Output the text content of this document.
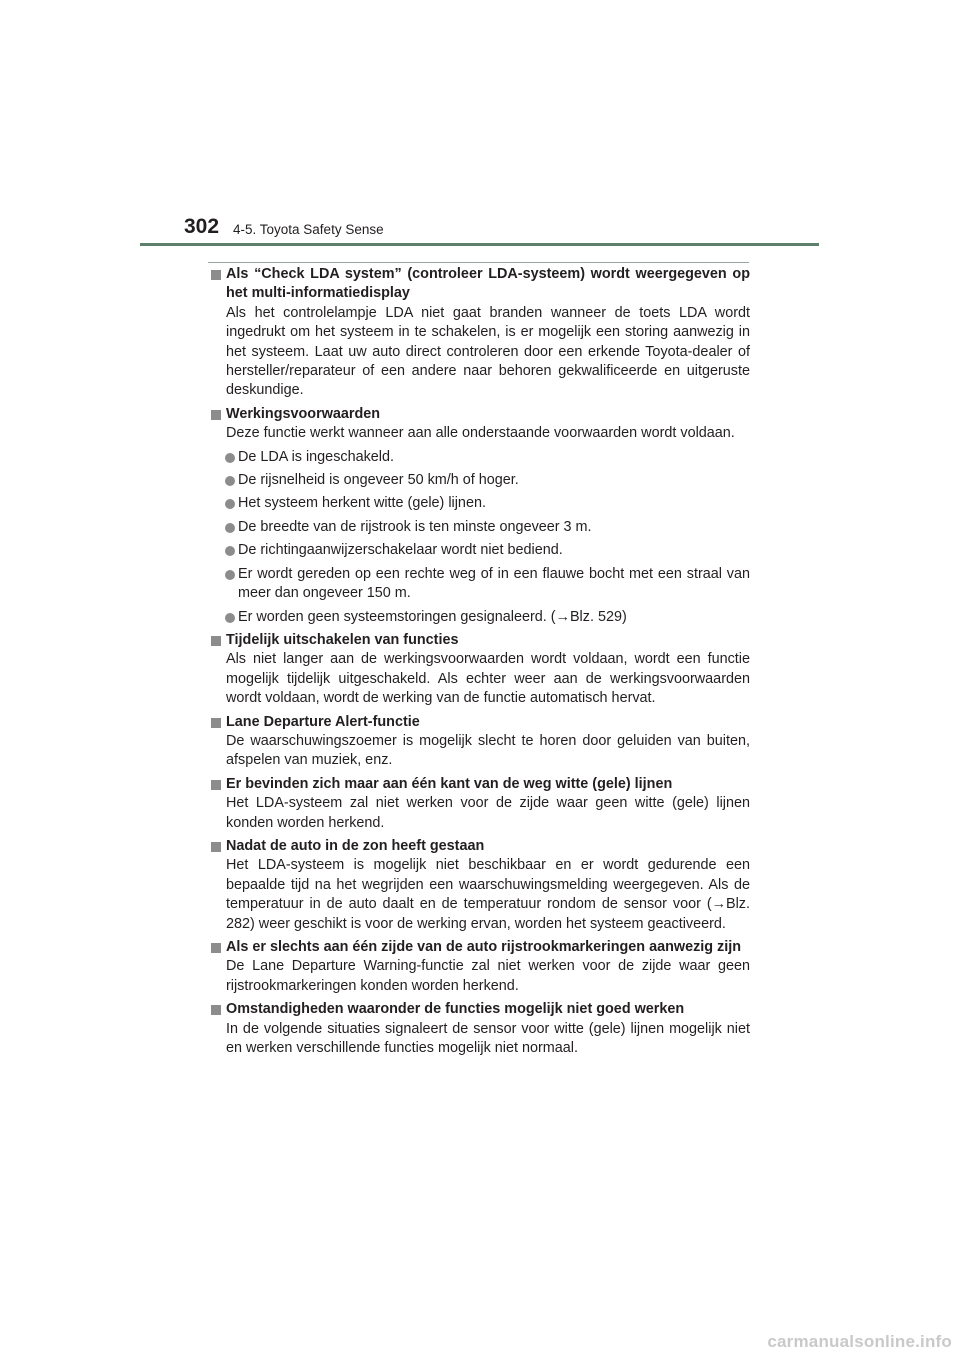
302 4-5. Toyota Safety Sense
Als “Check LDA system” (controleer LDA-systeem) wordt weergegeven op het multi-informatiedisplay
Als het controlelampje LDA niet gaat branden wanneer de toets LDA wordt ingedrukt om het systeem in te schakelen, is er mogelijk een storing aanwezig in het systeem. Laat uw auto direct controleren door een erkende Toyota-dealer of hersteller/reparateur of een andere naar behoren gekwalificeerde en uitgeruste deskundige.
Werkingsvoorwaarden
Deze functie werkt wanneer aan alle onderstaande voorwaarden wordt voldaan.
De LDA is ingeschakeld.
De rijsnelheid is ongeveer 50 km/h of hoger.
Het systeem herkent witte (gele) lijnen.
De breedte van de rijstrook is ten minste ongeveer 3 m.
De richtingaanwijzerschakelaar wordt niet bediend.
Er wordt gereden op een rechte weg of in een flauwe bocht met een straal van meer dan ongeveer 150 m.
Er worden geen systeemstoringen gesignaleerd. (→Blz. 529)
Tijdelijk uitschakelen van functies
Als niet langer aan de werkingsvoorwaarden wordt voldaan, wordt een functie mogelijk tijdelijk uitgeschakeld. Als echter weer aan de werkingsvoorwaarden wordt voldaan, wordt de werking van de functie automatisch hervat.
Lane Departure Alert-functie
De waarschuwingszoemer is mogelijk slecht te horen door geluiden van buiten, afspelen van muziek, enz.
Er bevinden zich maar aan één kant van de weg witte (gele) lijnen
Het LDA-systeem zal niet werken voor de zijde waar geen witte (gele) lijnen konden worden herkend.
Nadat de auto in de zon heeft gestaan
Het LDA-systeem is mogelijk niet beschikbaar en er wordt gedurende een bepaalde tijd na het wegrijden een waarschuwingsmelding weergegeven. Als de temperatuur in de auto daalt en de temperatuur rondom de sensor voor (→Blz. 282) weer geschikt is voor de werking ervan, worden het systeem geactiveerd.
Als er slechts aan één zijde van de auto rijstrookmarkeringen aanwezig zijn
De Lane Departure Warning-functie zal niet werken voor de zijde waar geen rijstrookmarkeringen konden worden herkend.
Omstandigheden waaronder de functies mogelijk niet goed werken
In de volgende situaties signaleert de sensor voor witte (gele) lijnen mogelijk niet en werken verschillende functies mogelijk niet normaal.
carmanualsonline.info
